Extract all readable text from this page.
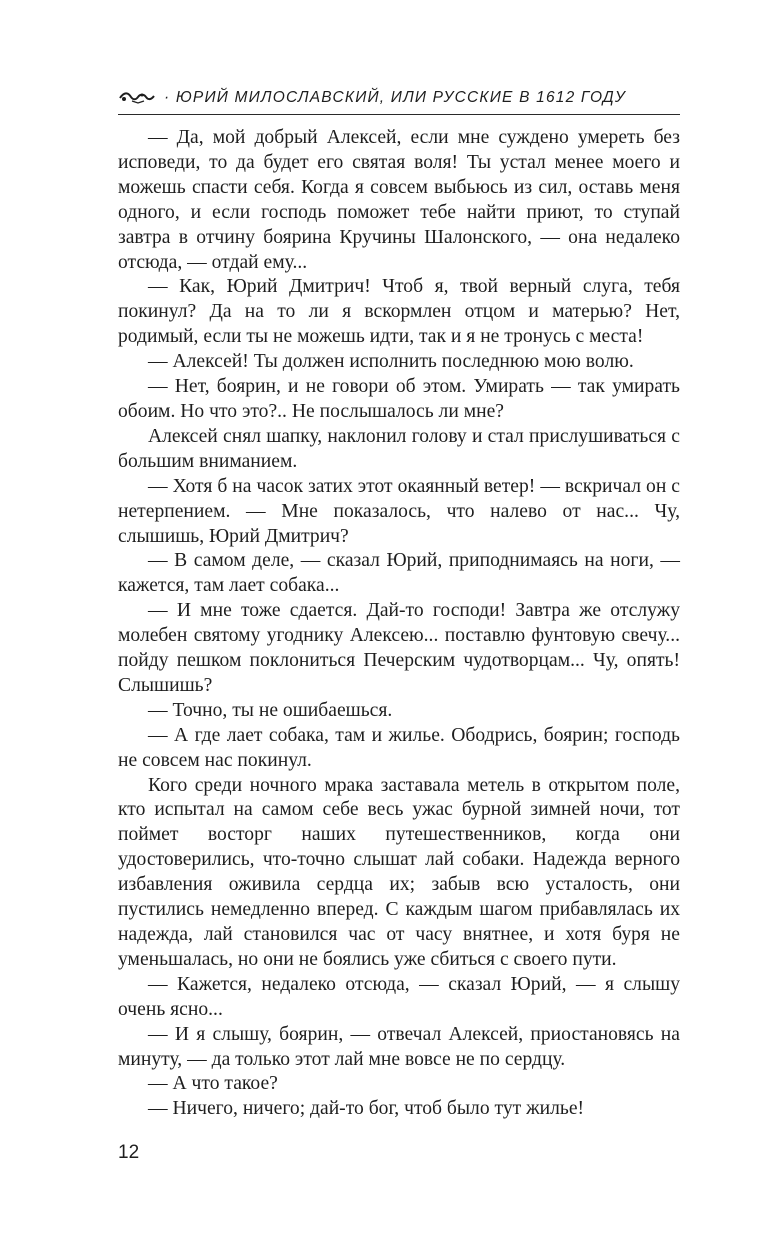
· ЮРИЙ МИЛОСЛАВСКИЙ, ИЛИ РУССКИЕ В 1612 ГОДУ

— Да, мой добрый Алексей, если мне суждено умереть без исповеди, то да будет его святая воля! Ты устал менее моего и можешь спасти себя. Когда я совсем выбьюсь из сил, оставь меня одного, и если господь поможет тебе найти приют, то ступай завтра в отчину боярина Кручины Шалонского, — она недалеко отсюда, — отдай ему...

— Как, Юрий Дмитрич! Чтоб я, твой верный слуга, тебя покинул? Да на то ли я вскормлен отцом и матерью? Нет, родимый, если ты не можешь идти, так и я не тронусь с места!

— Алексей! Ты должен исполнить последнюю мою волю.

— Нет, боярин, и не говори об этом. Умирать — так умирать обоим. Но что это?.. Не послышалось ли мне?

Алексей снял шапку, наклонил голову и стал прислушиваться с большим вниманием.

— Хотя б на часок затих этот окаянный ветер! — вскричал он с нетерпением. — Мне показалось, что налево от нас... Чу, слышишь, Юрий Дмитрич?

— В самом деле, — сказал Юрий, приподнимаясь на ноги, — кажется, там лает собака...

— И мне тоже сдается. Дай-то господи! Завтра же отслужу молебен святому угоднику Алексею... поставлю фунтовую свечу... пойду пешком поклониться Печерским чудотворцам... Чу, опять! Слышишь?

— Точно, ты не ошибаешься.

— А где лает собака, там и жилье. Ободрись, боярин; господь не совсем нас покинул.

Кого среди ночного мрака заставала метель в открытом поле, кто испытал на самом себе весь ужас бурной зимней ночи, тот поймет восторг наших путешественников, когда они удостоверились, что-точно слышат лай собаки. Надежда верного избавления оживила сердца их; забыв всю усталость, они пустились немедленно вперед. С каждым шагом прибавлялась их надежда, лай становился час от часу внятнее, и хотя буря не уменьшалась, но они не боялись уже сбиться с своего пути.

— Кажется, недалеко отсюда, — сказал Юрий, — я слышу очень ясно...

— И я слышу, боярин, — отвечал Алексей, приостановясь на минуту, — да только этот лай мне вовсе не по сердцу.

— А что такое?

— Ничего, ничего; дай-то бог, чтоб было тут жилье!

12
